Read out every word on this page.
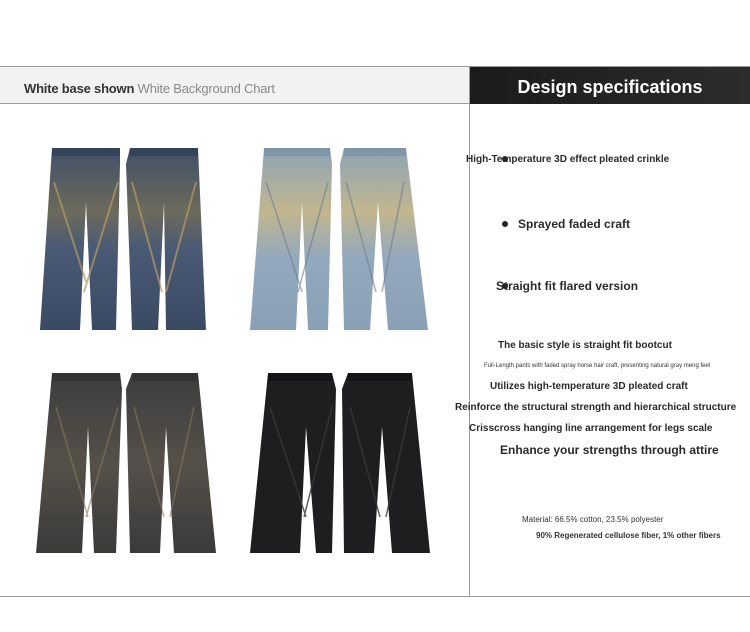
White base shown White Background Chart	Design specifications
High-Temperature 3D effect pleated crinkle
Sprayed faded craft
Straight fit flared version
The basic style is straight fit bootcut
Full-Length pants with faded spray horse hair craft, presenting natural gray meng feel
Utilizes high-temperature 3D pleated craft
Reinforce the structural strength and hierarchical structure
Crisscross hanging line arrangement for legs scale
Enhance your strengths through attire
Material: 66.5% cotton, 23.5% polyester
90% Regenerated cellulose fiber, 1% other fibers
